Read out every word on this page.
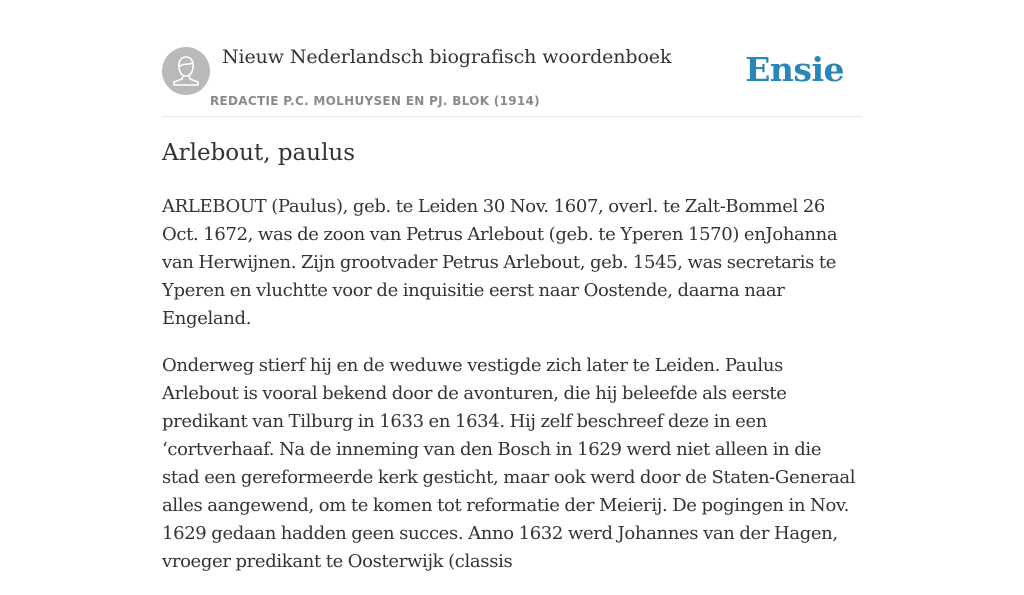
Nieuw Nederlandsch biografisch woordenboek
REDACTIE P.C. MOLHUYSEN EN PJ. BLOK (1914)
Ensie
Arlebout, paulus

ARLEBOUT (Paulus), geb. te Leiden 30 Nov. 1607, overl. te Zalt-Bommel 26 Oct. 1672, was de zoon van Petrus Arlebout (geb. te Yperen 1570) enJohanna van Herwijnen. Zijn grootvader Petrus Arlebout, geb. 1545, was secretaris te Yperen en vluchtte voor de inquisitie eerst naar Oostende, daarna naar Engeland.

Onderweg stierf hij en de weduwe vestigde zich later te Leiden. Paulus Arlebout is vooral bekend door de avonturen, die hij beleefde als eerste predikant van Tilburg in 1633 en 1634. Hij zelf beschreef deze in een ‘cortverhaaf. Na de inneming van den Bosch in 1629 werd niet alleen in die stad een gereformeerde kerk gesticht, maar ook werd door de Staten-Generaal alles aangewend, om te komen tot reformatie der Meierij. De pogingen in Nov. 1629 gedaan hadden geen succes. Anno 1632 werd Johannes van der Hagen, vroeger predikant te Oosterwijk (classis
